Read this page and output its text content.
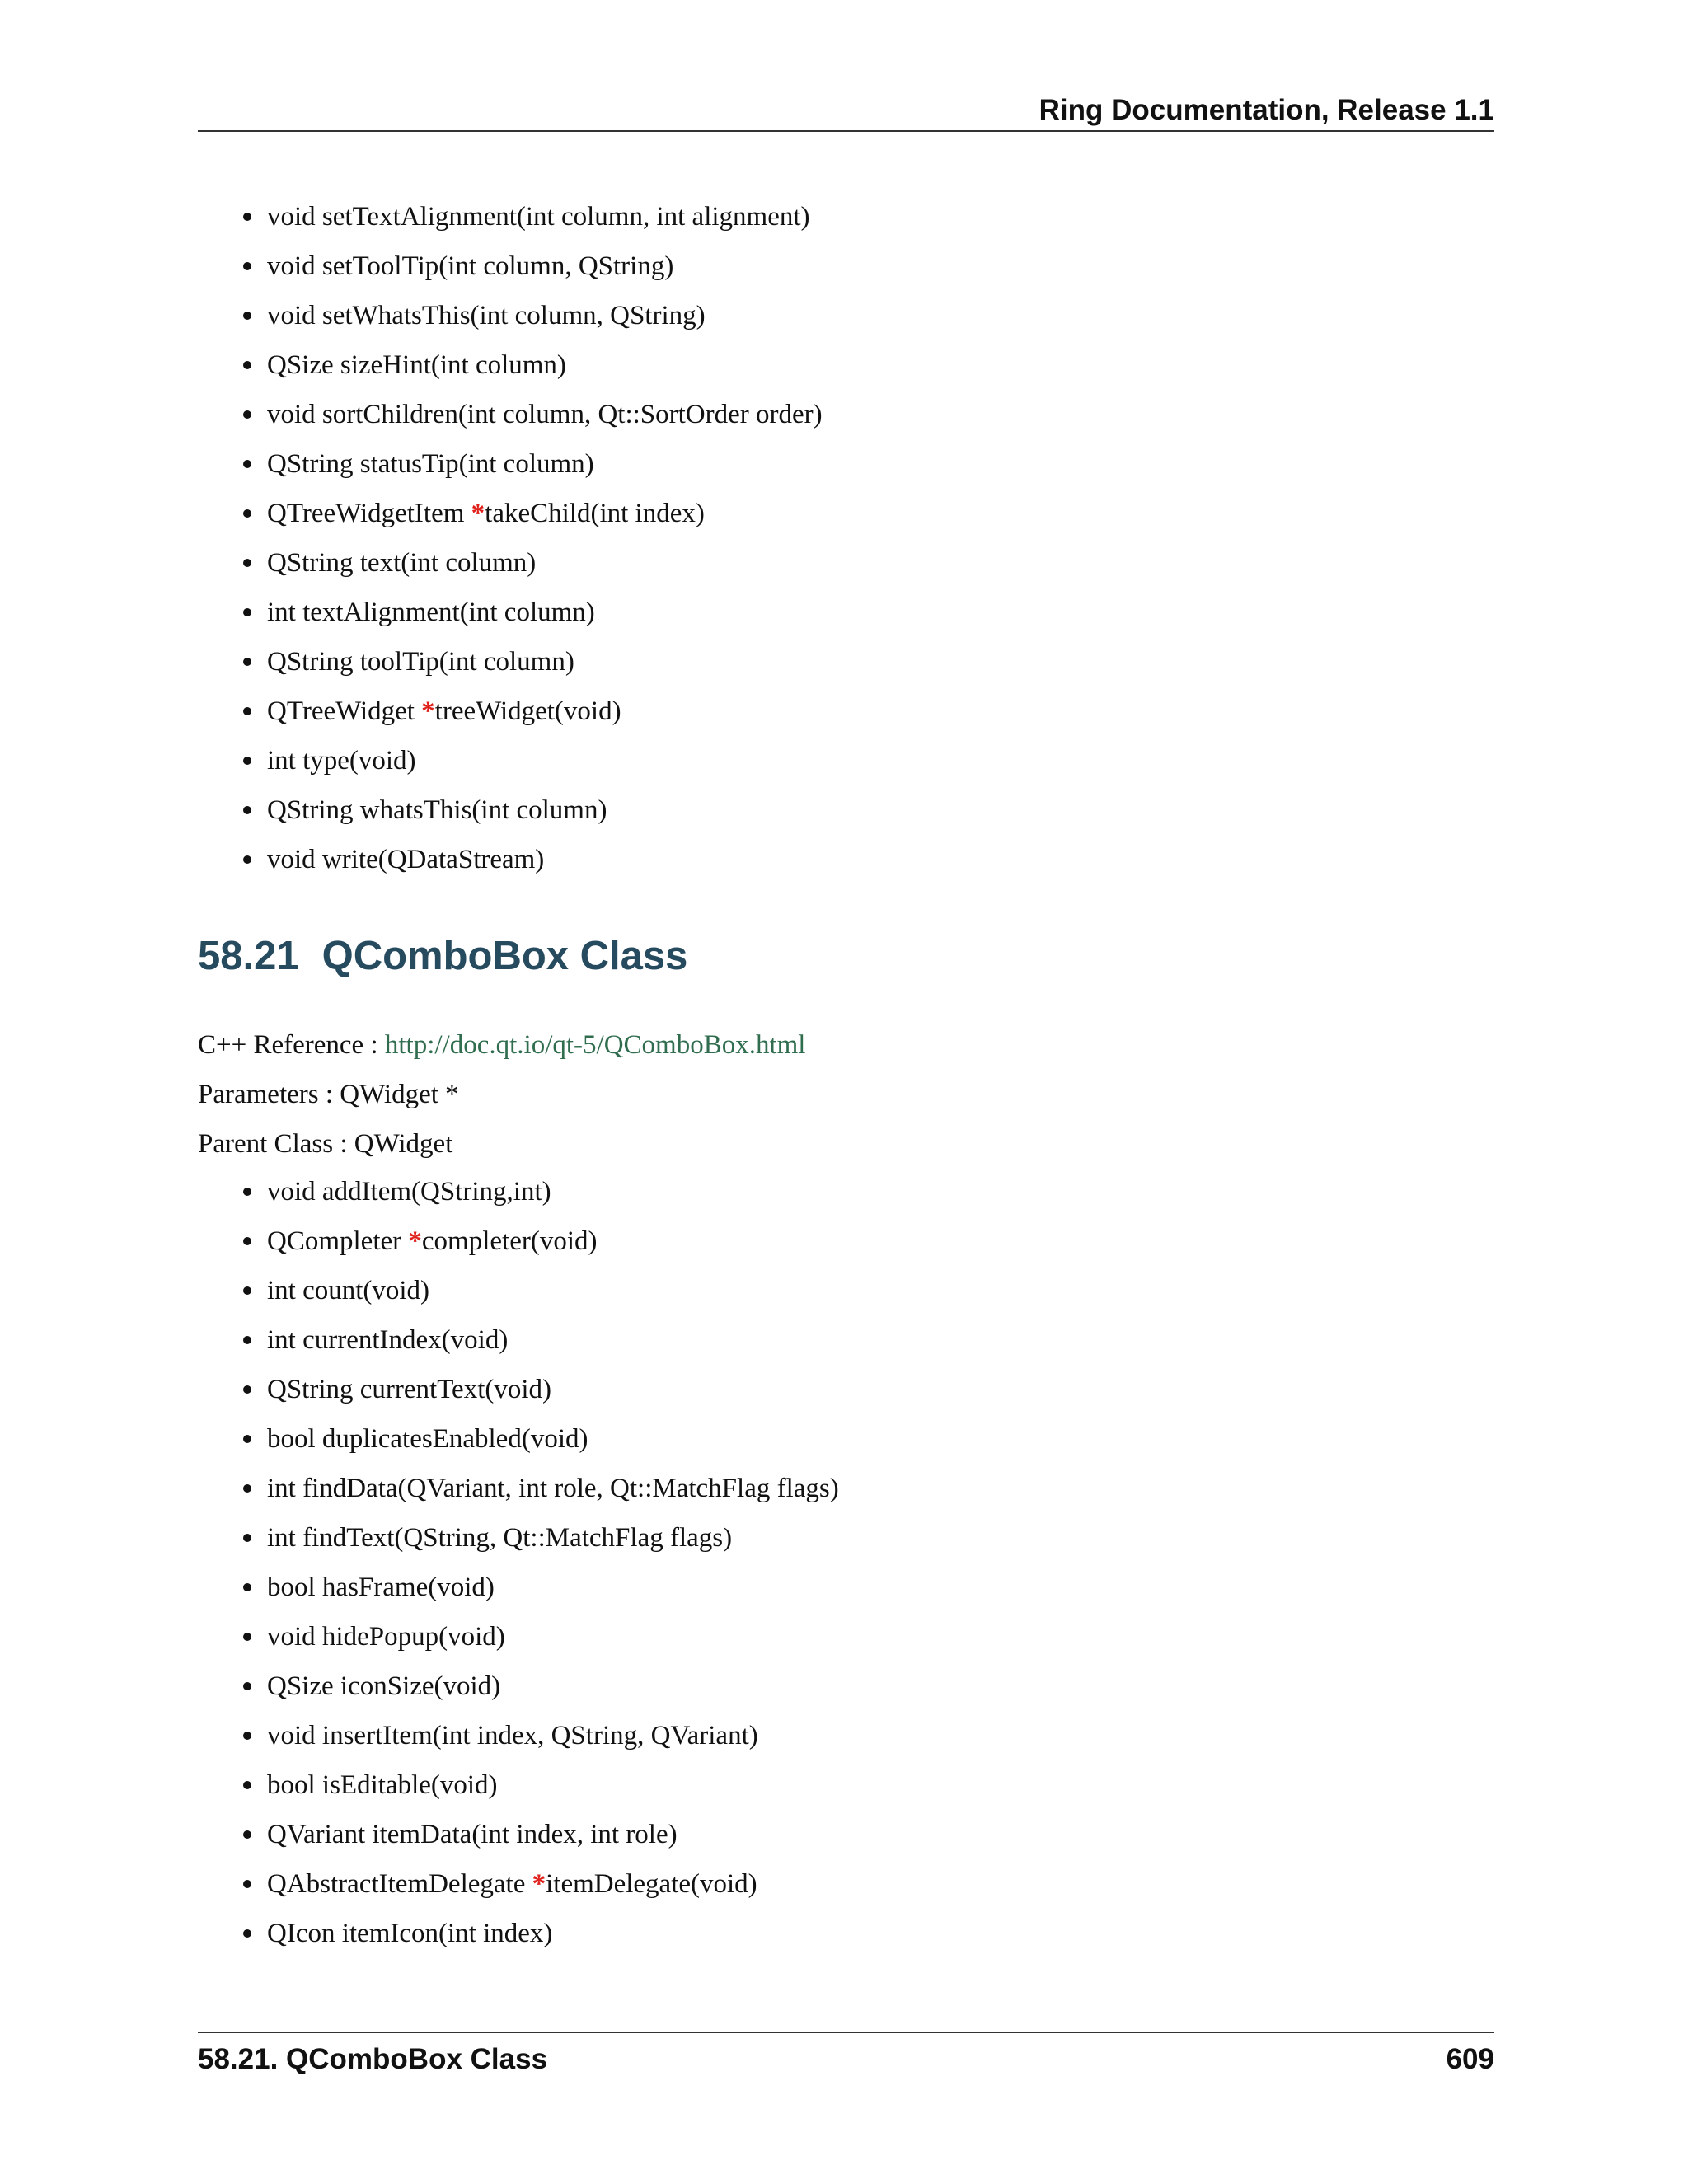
Ring Documentation, Release 1.1
void setTextAlignment(int column, int alignment)
void setToolTip(int column, QString)
void setWhatsThis(int column, QString)
QSize sizeHint(int column)
void sortChildren(int column, Qt::SortOrder order)
QString statusTip(int column)
QTreeWidgetItem *takeChild(int index)
QString text(int column)
int textAlignment(int column)
QString toolTip(int column)
QTreeWidget *treeWidget(void)
int type(void)
QString whatsThis(int column)
void write(QDataStream)
58.21 QComboBox Class
C++ Reference : http://doc.qt.io/qt-5/QComboBox.html
Parameters : QWidget *
Parent Class : QWidget
void addItem(QString,int)
QCompleter *completer(void)
int count(void)
int currentIndex(void)
QString currentText(void)
bool duplicatesEnabled(void)
int findData(QVariant, int role, Qt::MatchFlag flags)
int findText(QString, Qt::MatchFlag flags)
bool hasFrame(void)
void hidePopup(void)
QSize iconSize(void)
void insertItem(int index, QString, QVariant)
bool isEditable(void)
QVariant itemData(int index, int role)
QAbstractItemDelegate *itemDelegate(void)
QIcon itemIcon(int index)
58.21. QComboBox Class	609
